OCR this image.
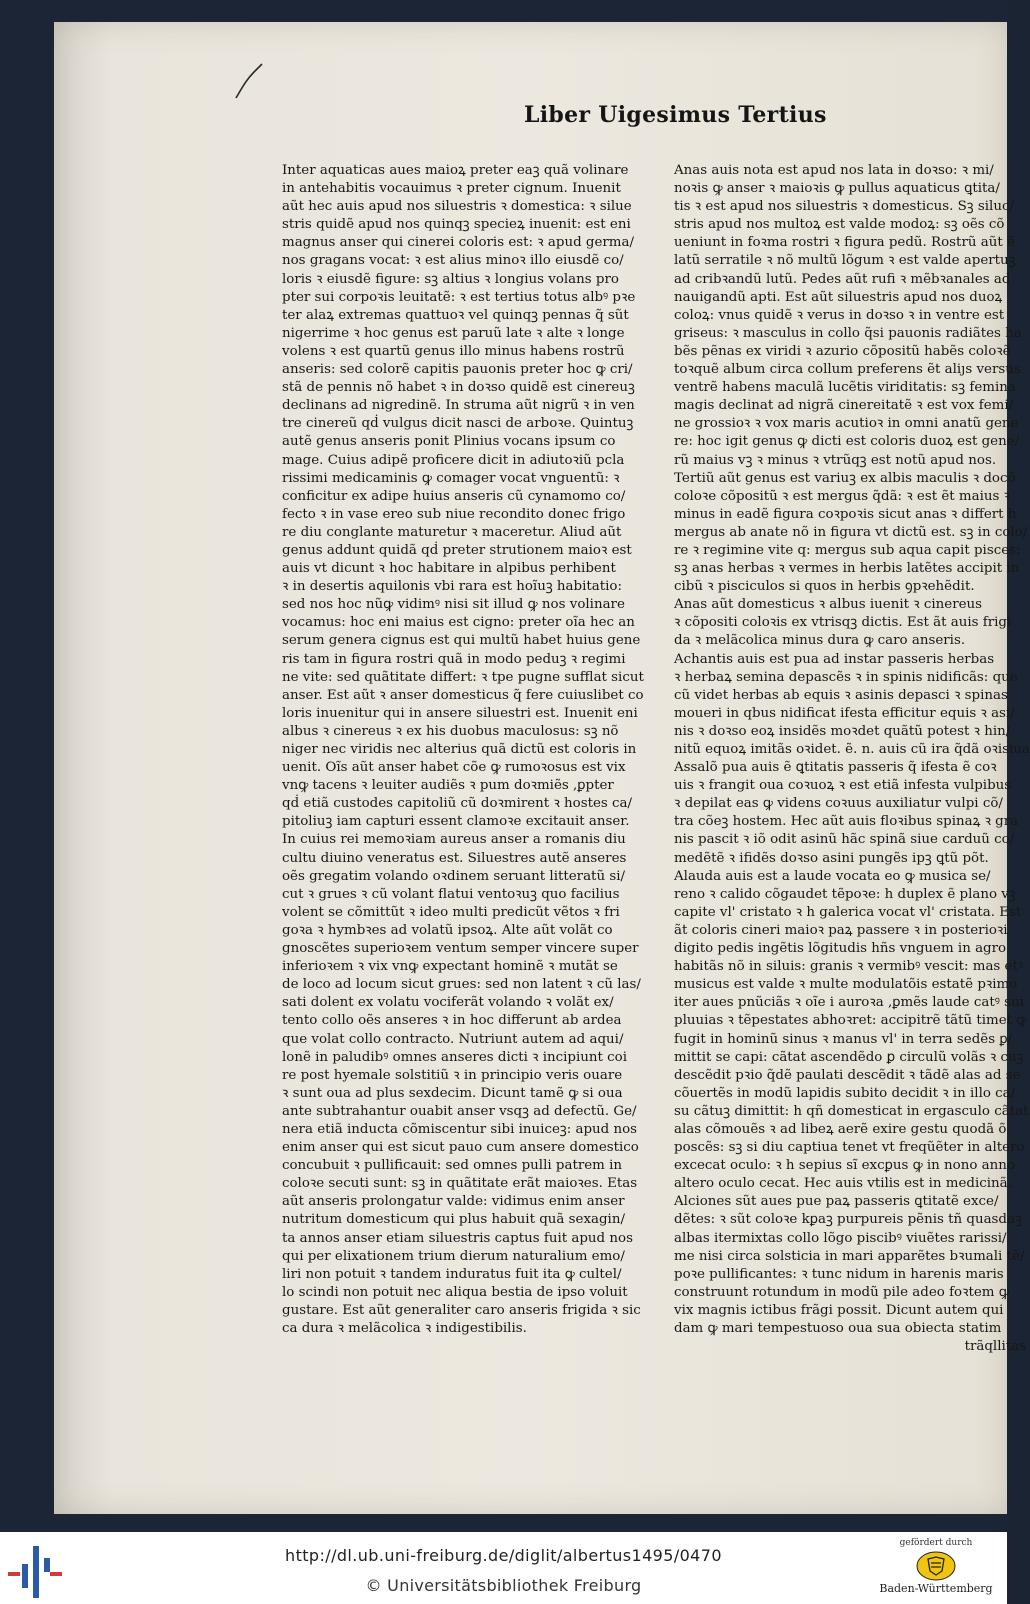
Liber Uigesimus Tertius
Inter aquaticas aues maioꝝ preter eaꝫ quã volinare
in antehabitis vocauimus ꝛ preter cignum. Inuenit
aũt hec auis apud nos siluestris ꝛ domestica: ꝛ silue
stris quidẽ apud nos quinqꝫ specieꝝ inuenit: est eni
magnus anser qui cinerei coloris est: ꝛ apud germa/
nos gragans vocat: ꝛ est alius minoꝛ illo eiusdẽ co/
loris ꝛ eiusdẽ figure: sꝫ altius ꝛ longius volans pro
pter sui corpoꝛis leuitatẽ: ꝛ est tertius totus albꝰ pꝛe
ter alaꝝ extremas quattuoꝛ vel quinqꝫ pennas q̃ sũt
nigerrime ꝛ hoc genus est paruũ late ꝛ alte ꝛ longe
volens ꝛ est quartũ genus illo minus habens rostrũ
anseris: sed colorẽ capitis pauonis preter hoc ꝙ cri/
stã de pennis nõ habet ꝛ in doꝛso quidẽ est cinereuꝫ
declinans ad nigredinẽ. In struma aũt nigrũ ꝛ in ven
tre cinereũ qḋ vulgus dicit nasci de arboꝛe. Quintuꝫ
autẽ genus anseris ponit Plinius vocans ipsum co
mage. Cuius adipẽ proficere dicit in adiutoꝛiũ pcla
rissimi medicaminis ꝙ comager vocat vnguentũ: ꝛ
conficitur ex adipe huius anseris cũ cynamomo co/
fecto ꝛ in vase ereo sub niue recondito donec frigo
re diu conglante maturetur ꝛ maceretur. Aliud aũt
genus addunt quidã qḋ preter strutionem maioꝛ est
auis vt dicunt ꝛ hoc habitare in alpibus perhibent
ꝛ in desertis aquilonis vbi rara est hoĩuꝫ habitatio:
sed nos hoc nũꝙ vidimꝰ nisi sit illud ꝙ nos volinare
vocamus: hoc eni maius est cigno: preter oĩa hec an
serum genera cignus est qui multũ habet huius gene
ris tam in figura rostri quã in modo peduꝫ ꝛ regimi
ne vite: sed quãtitate differt: ꝛ tpe pugne sufflat sicut
anser. Est aũt ꝛ anser domesticus q̃ fere cuiuslibet co
loris inuenitur qui in ansere siluestri est. Inuenit eni
albus ꝛ cinereus ꝛ ex his duobus maculosus: sꝫ nõ
niger nec viridis nec alterius quã dictũ est coloris in
uenit. Oĩs aũt anser habet cõe ꝙ rumoꝛosus est vix
vnꝙ tacens ꝛ leuiter audiẽs ꝛ pum doꝛmiẽs ,ꝑpter
qḋ etiã custodes capitoliũ cũ doꝛmirent ꝛ hostes ca/
pitoliuꝫ iam capturi essent clamoꝛe excitauit anser.
In cuius rei memoꝛiam aureus anser a romanis diu
cultu diuino veneratus est. Siluestres autẽ anseres
oẽs gregatim volando oꝛdinem seruant litteratũ si/
cut ꝛ grues ꝛ cũ volant flatui ventoꝛuꝫ quo facilius
volent se cõmittũt ꝛ ideo multi predicũt vẽtos ꝛ fri
goꝛa ꝛ hymbꝛes ad volatũ ipsoꝝ. Alte aũt volãt co
gnoscẽtes superioꝛem ventum semper vincere super
inferioꝛem ꝛ vix vnꝙ expectant hominẽ ꝛ mutãt se
de loco ad locum sicut grues: sed non latent ꝛ cũ las/
sati dolent ex volatu vociferãt volando ꝛ volãt ex/
tento collo oẽs anseres ꝛ in hoc differunt ab ardea
que volat collo contracto. Nutriunt autem ad aqui/
lonẽ in paludibꝰ omnes anseres dicti ꝛ incipiunt coi
re post hyemale solstitiũ ꝛ in principio veris ouare
ꝛ sunt oua ad plus sexdecim. Dicunt tamẽ ꝙ si oua
ante subtrahantur ouabit anser vsqꝫ ad defectũ. Ge/
nera etiã inducta cõmiscentur sibi inuiceꝫ: apud nos
enim anser qui est sicut pauo cum ansere domestico
concubuit ꝛ pullificauit: sed omnes pulli patrem in
coloꝛe secuti sunt: sꝫ in quãtitate erãt maioꝛes. Etas
aũt anseris prolongatur valde: vidimus enim anser
nutritum domesticum qui plus habuit quã sexagin/
ta annos anser etiam siluestris captus fuit apud nos
qui per elixationem trium dierum naturalium emo/
liri non potuit ꝛ tandem induratus fuit ita ꝙ cultel/
lo scindi non potuit nec aliqua bestia de ipso voluit
gustare. Est aũt generaliter caro anseris frigida ꝛ sic
ca dura ꝛ melãcolica ꝛ indigestibilis.
Anas auis nota est apud nos lata in doꝛso: ꝛ mi/
noꝛis ꝙ anser ꝛ maioꝛis ꝙ pullus aquaticus ꝗtita/
tis ꝛ est apud nos siluestris ꝛ domesticus. Sꝫ siluc/
stris apud nos multoꝝ est valde modoꝝ: sꝫ oẽs cõ
ueniunt in foꝛma rostri ꝛ figura pedũ. Rostrũ aũt ẽ
latũ serratile ꝛ nõ multũ lõgum ꝛ est valde apertuꝫ
ad cribꝛandũ lutũ. Pedes aũt rufi ꝛ mẽbꝛanales ad
nauigandũ apti. Est aũt siluestris apud nos duoꝝ
coloꝝ: vnus quidẽ ꝛ verus in doꝛso ꝛ in ventre est
griseus: ꝛ masculus in collo q̃si pauonis radiãtes ha
bẽs pẽnas ex viridi ꝛ azurio cõpositũ habẽs coloꝛẽ
toꝛquẽ album circa collum preferens ẽt aliȷs versus
ventrẽ habens maculã lucẽtis viriditatis: sꝫ femina
magis declinat ad nigrã cinereitatẽ ꝛ est vox femi/
ne grossioꝛ ꝛ vox maris acutioꝛ in omni anatũ gene
re: hoc igit genus ꝙ dicti est coloris duoꝝ est gene/
rũ maius vꝫ ꝛ minus ꝛ vtrũqꝫ est notũ apud nos.
Tertiũ aũt genus est variuꝫ ex albis maculis ꝛ docõ
coloꝛe cõpositũ ꝛ est mergus q̃dã: ꝛ est ẽt maius ꝛ
minus in eadẽ figura coꝛpoꝛis sicut anas ꝛ differt h
mergus ab anate nõ in figura vt dictũ est. sꝫ in colo/
re ꝛ regimine vite q: mergus sub aqua capit pisces:
sꝫ anas herbas ꝛ vermes in herbis latẽtes accipit in
cibũ ꝛ pisciculos si quos in herbis ꝯpꝛehẽdit.
Anas aũt domesticus ꝛ albus iuenit ꝛ cinereus
ꝛ cõpositi coloꝛis ex vtrisqꝫ dictis. Est ãt auis frigi
da ꝛ melãcolica minus dura ꝙ caro anseris.
Achantis auis est pua ad instar passeris herbas
ꝛ herbaꝝ semina depascẽs ꝛ in spinis nidificãs: que
cũ videt herbas ab equis ꝛ asinis depasci ꝛ spinas
moueri in qbus nidificat ifesta efficitur equis ꝛ asi/
nis ꝛ doꝛso eoꝝ insidẽs moꝛdet quãtũ potest ꝛ hin/
nitũ equoꝝ imitãs oꝛidet. ẽ. n. auis cũ ira q̃dã oꝛisiua
Assalõ pua auis ẽ ꝗtitatis passeris q̃ ifesta ẽ coꝛ
uis ꝛ frangit oua coꝛuoꝝ ꝛ est etiã infesta vulpibus
ꝛ depilat eas ꝙ videns coꝛuus auxiliatur vulpi cõ/
tra cõeꝫ hostem. Hec aũt auis floꝛibus spinaꝝ ꝛ gra
nis pascit ꝛ iõ odit asinũ hãc spinã siue carduũ co/
medẽtẽ ꝛ ifidẽs doꝛso asini pungẽs ipꝫ ꝗtũ põt.
Alauda auis est a laude vocata eo ꝙ musica se/
reno ꝛ calido cõgaudet tẽpoꝛe: h duplex ẽ plano vꝫ
capite vl' cristato ꝛ h galerica vocat vl' cristata. Est
ãt coloris cineri maioꝛ paꝝ passere ꝛ in posterioꝛi
digito pedis ingẽtis lõgitudis hñs vnguem in agro
habitãs nõ in siluis: granis ꝛ vermibꝰ vescit: mas etꝰ
musicus est valde ꝛ multe modulatõis estatẽ pꝛimo
iter aues pnũciãs ꝛ oĩe i auroꝛa ,ꝑmẽs laude catꝰ sui
pluuias ꝛ tẽpestates abhoꝛret: accipitrẽ tãtũ timet ꝙ
fugit in hominũ sinus ꝛ manus vl' in terra sedẽs ꝑ/
mittit se capi: cãtat ascendẽdo ꝑ circulũ volãs ꝛ cuꝫ
descẽdit pꝛio q̃dẽ paulati descẽdit ꝛ tãdẽ alas ad se
cõuertẽs in modũ lapidis subito decidit ꝛ in illo ca/
su cãtuꝫ dimittit: h qñ domesticat in ergasculo cãtat
alas cõmouẽs ꝛ ad libeꝝ aerẽ exire gestu quodã õ
poscẽs: sꝫ si diu captiua tenet vt freqũẽter in altero
excecat oculo: ꝛ h sepius sĩ excꝑus ꝙ in nono anno
altero oculo cecat. Hec auis vtilis est in medicinã.
Alciones sũt aues pue paꝝ passeris ꝗtitatẽ exce/
dẽtes: ꝛ sũt coloꝛe kꝑaꝫ purpureis pẽnis tñ quasdaꝫ
albas itermixtas collo lõgo piscibꝰ viuẽtes rarissi/
me nisi circa solsticia in mari apparẽtes bꝛumali tẽ/
poꝛe pullificantes: ꝛ tunc nidum in harenis maris
construunt rotundum in modũ pile adeo foꝛtem ꝙ
vix magnis ictibus frãgi possit. Dicunt autem qui
dam ꝙ mari tempestuoso oua sua obiecta statim
trãqllitas
http://dl.ub.uni-freiburg.de/diglit/albertus1495/0470
© Universitätsbibliothek Freiburg
gefördert durch
Baden-Württemberg
